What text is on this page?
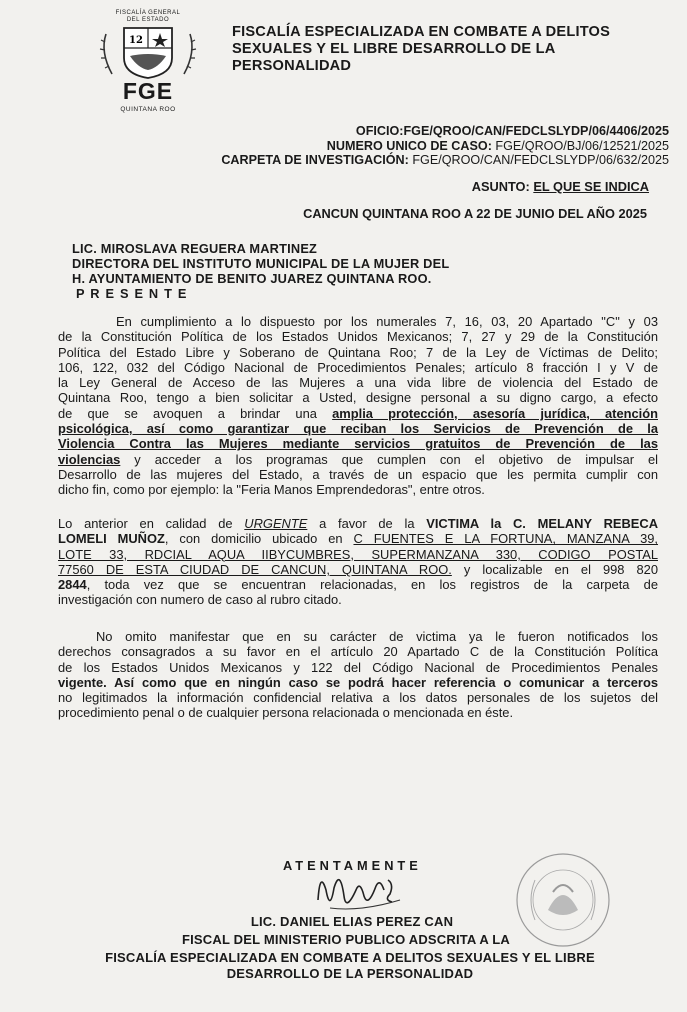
FISCALÍA GENERAL
DEL ESTADO
12
FGE
QUINTANA ROO
FISCALÍA ESPECIALIZADA EN COMBATE A DELITOS
SEXUALES Y EL LIBRE DESARROLLO DE LA
PERSONALIDAD
OFICIO:FGE/QROO/CAN/FEDCLSLYDP/06/4406/2025
NUMERO UNICO DE CASO: FGE/QROO/BJ/06/12521/2025
CARPETA DE INVESTIGACIÓN: FGE/QROO/CAN/FEDCLSLYDP/06/632/2025
ASUNTO: EL QUE SE INDICA
CANCUN QUINTANA ROO A 22 DE JUNIO DEL AÑO 2025
LIC. MIROSLAVA REGUERA MARTINEZ
DIRECTORA DEL INSTITUTO MUNICIPAL DE LA MUJER DEL
H. AYUNTAMIENTO DE BENITO JUAREZ QUINTANA ROO.
P R E S E N T E
En cumplimiento a lo dispuesto por los numerales 7, 16, 03, 20 Apartado "C" y 03
de la Constitución Política de los Estados Unidos Mexicanos; 7, 27 y 29 de la Constitución
Política del Estado Libre y Soberano de Quintana Roo; 7 de la Ley de Víctimas de Delito;
106, 122, 032 del Código Nacional de Procedimientos Penales; artículo 8 fracción I y V de
la Ley General de Acceso de las Mujeres a una vida libre de violencia del Estado de
Quintana Roo, tengo a bien solicitar a Usted, designe personal a su digno cargo, a efecto
de que se avoquen a brindar una amplia protección, asesoría jurídica, atención
psicológica, así como garantizar que reciban los Servicios de Prevención de la
Violencia Contra las Mujeres mediante servicios gratuitos de Prevención de las
violencias y acceder a los programas que cumplen con el objetivo de impulsar el
Desarrollo de las mujeres del Estado, a través de un espacio que les permita cumplir con
dicho fin, como por ejemplo: la "Feria Manos Emprendedoras", entre otros.
Lo anterior en calidad de URGENTE a favor de la VICTIMA la C. MELANY REBECA
LOMELI MUÑOZ, con domicilio ubicado en C FUENTES E LA FORTUNA, MANZANA 39,
LOTE 33, RDCIAL AQUA IIBYCUMBRES, SUPERMANZANA 330, CODIGO POSTAL
77560 DE ESTA CIUDAD DE CANCUN, QUINTANA ROO. y localizable en el 998 820
2844, toda vez que se encuentran relacionadas, en los registros de la carpeta de
investigación con numero de caso al rubro citado.
No omito manifestar que en su carácter de victima ya le fueron notificados los
derechos consagrados a su favor en el artículo 20 Apartado C de la Constitución Política
de los Estados Unidos Mexicanos y 122 del Código Nacional de Procedimientos Penales
vigente. Así como que en ningún caso se podrá hacer referencia o comunicar a terceros
no legitimados la información confidencial relativa a los datos personales de los sujetos del
procedimiento penal o de cualquier persona relacionada o mencionada en éste.
ATENTAMENTE
LIC. DANIEL ELIAS PEREZ CAN
FISCAL DEL MINISTERIO PUBLICO ADSCRITA A LA
FISCALÍA ESPECIALIZADA EN COMBATE A DELITOS SEXUALES Y EL LIBRE
DESARROLLO DE LA PERSONALIDAD
